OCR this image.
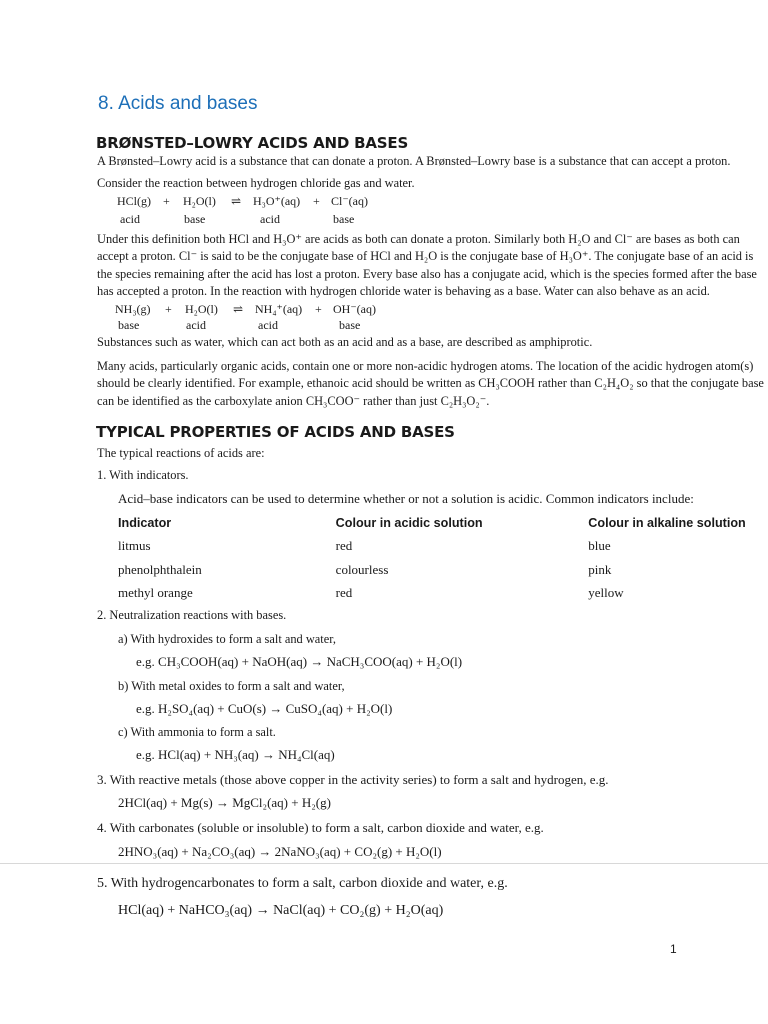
8. Acids and bases
BRØNSTED–LOWRY ACIDS AND BASES
A Brønsted–Lowry acid is a substance that can donate a proton. A Brønsted–Lowry base is a substance that can accept a proton.
Consider the reaction between hydrogen chloride gas and water.
HCl(g)	+	H₂O(l)	⇌ H₃O⁺(aq)	+ Cl⁻(aq)
acid	base	acid	base
Under this definition both HCl and H₃O⁺ are acids as both can donate a proton. Similarly both H₂O and Cl⁻ are bases as both can accept a proton. Cl⁻ is said to be the conjugate base of HCl and H₂O is the conjugate base of H₃O⁺. The conjugate base of an acid is the species remaining after the acid has lost a proton. Every base also has a conjugate acid, which is the species formed after the base has accepted a proton. In the reaction with hydrogen chloride water is behaving as a base. Water can also behave as an acid.
NH₃(g)	+	H₂O(l)	⇌ NH₄⁺(aq)	+ OH⁻(aq)
base	acid	acid	base
Substances such as water, which can act both as an acid and as a base, are described as amphiprotic.
Many acids, particularly organic acids, contain one or more non-acidic hydrogen atoms. The location of the acidic hydrogen atom(s) should be clearly identified. For example, ethanoic acid should be written as CH₃COOH rather than C₂H₄O₂ so that the conjugate base can be identified as the carboxylate anion CH₃COO⁻ rather than just C₂H₃O₂⁻.
TYPICAL PROPERTIES OF ACIDS AND BASES
The typical reactions of acids are:
1. With indicators.
Acid–base indicators can be used to determine whether or not a solution is acidic. Common indicators include:
Indicator	Colour in acidic solution	Colour in alkaline solution
litmus	red	blue
phenolphthalein	colourless	pink
methyl orange	red	yellow
2. Neutralization reactions with bases.
a) With hydroxides to form a salt and water,
e.g. CH₃COOH(aq) + NaOH(aq) → NaCH₃COO(aq) + H₂O(l)
b) With metal oxides to form a salt and water,
e.g. H₂SO₄(aq) + CuO(s) → CuSO₄(aq) + H₂O(l)
c) With ammonia to form a salt.
e.g. HCl(aq) + NH₃(aq) → NH₄Cl(aq)
3. With reactive metals (those above copper in the activity series) to form a salt and hydrogen, e.g.
2HCl(aq) + Mg(s) → MgCl₂(aq) + H₂(g)
4. With carbonates (soluble or insoluble) to form a salt, carbon dioxide and water, e.g.
2HNO₃(aq) + Na₂CO₃(aq) → 2NaNO₃(aq) + CO₂(g) + H₂O(l)
5. With hydrogencarbonates to form a salt, carbon dioxide and water, e.g.
HCl(aq) + NaHCO₃(aq) → NaCl(aq) + CO₂(g) + H₂O(aq)
1
